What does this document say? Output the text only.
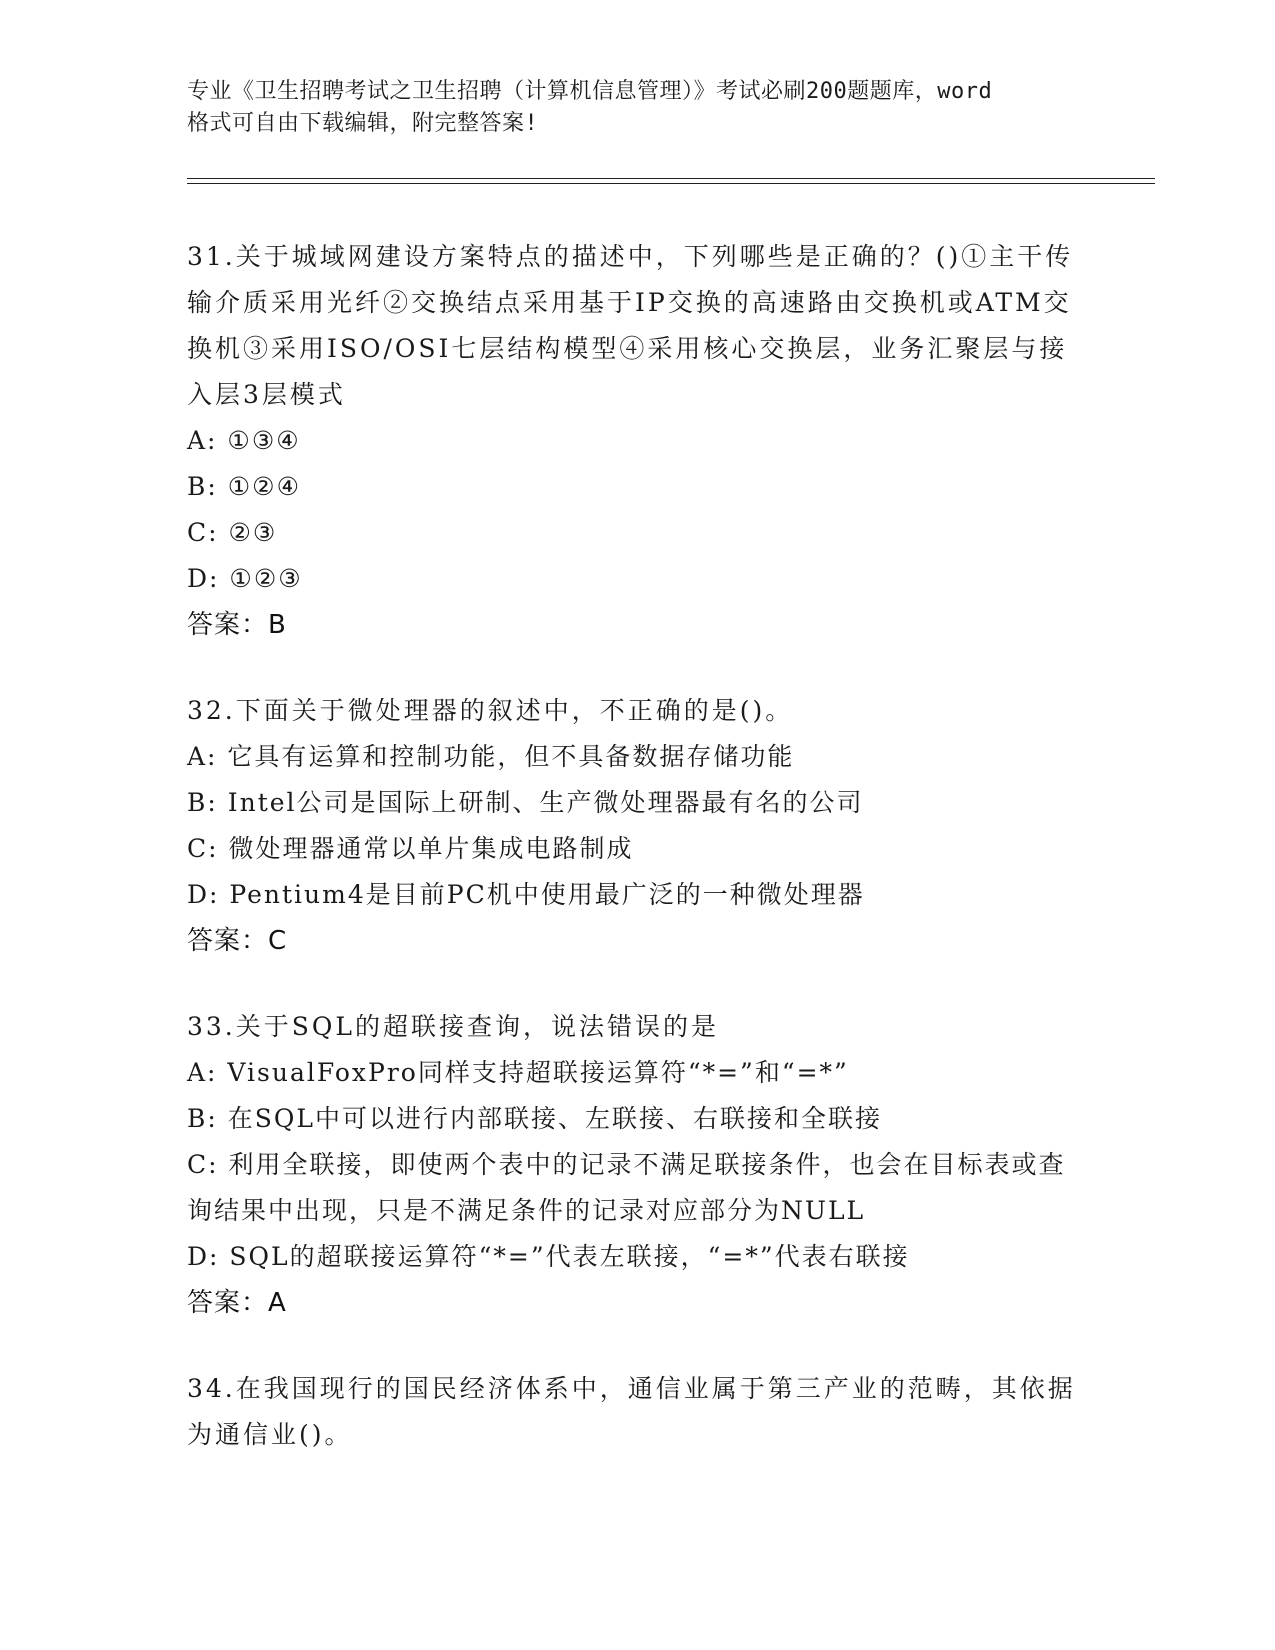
专业《卫生招聘考试之卫生招聘（计算机信息管理）》考试必刷200题题库，word
格式可自由下载编辑，附完整答案!
31.关于城域网建设方案特点的描述中，下列哪些是正确的？()①主干传输介质采用光纤②交换结点采用基于IP交换的高速路由交换机或ATM交换机③采用ISO/OSI七层结构模型④采用核心交换层，业务汇聚层与接入层3层模式
A: ①③④
B: ①②④
C: ②③
D: ①②③
答案：B
32.下面关于微处理器的叙述中，不正确的是()。
A: 它具有运算和控制功能，但不具备数据存储功能
B: Intel公司是国际上研制、生产微处理器最有名的公司
C: 微处理器通常以单片集成电路制成
D: Pentium4是目前PC机中使用最广泛的一种微处理器
答案：C
33.关于SQL的超联接查询，说法错误的是
A: VisualFoxPro同样支持超联接运算符“*=”和“=*”
B: 在SQL中可以进行内部联接、左联接、右联接和全联接
C: 利用全联接，即使两个表中的记录不满足联接条件，也会在目标表或查询结果中出现，只是不满足条件的记录对应部分为NULL
D: SQL的超联接运算符“*=”代表左联接，“=*”代表右联接
答案：A
34.在我国现行的国民经济体系中，通信业属于第三产业的范畴，其依据为通信业()。
